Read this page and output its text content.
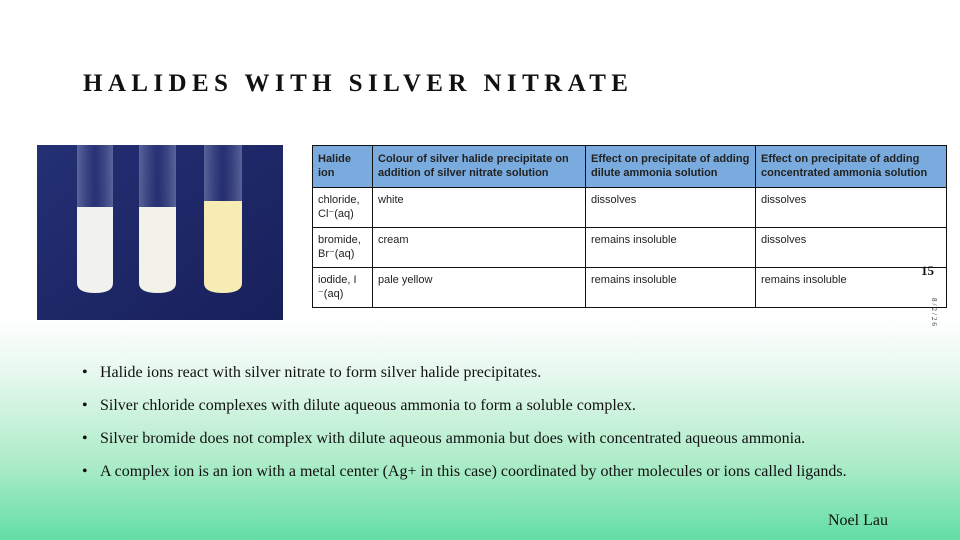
HALIDES WITH SILVER NITRATE
Halide ion	Colour of silver halide precipitate on addition of silver nitrate solution	Effect on precipitate of adding dilute ammonia solution	Effect on precipitate of adding concentrated ammonia solution
chloride, Cl⁻(aq)	white	dissolves	dissolves
bromide, Br⁻(aq)	cream	remains insoluble	dissolves
iodide, I ⁻(aq)	pale yellow	remains insoluble	remains insoluble
15
8/2/26
• Halide ions react with silver nitrate to form silver halide precipitates.
• Silver chloride complexes with dilute aqueous ammonia to form a soluble complex.
• Silver bromide does not complex with dilute aqueous ammonia but does with concentrated aqueous ammonia.
• A complex ion is an ion with a metal center (Ag+ in this case) coordinated by other molecules or ions called ligands.
Noel Lau
